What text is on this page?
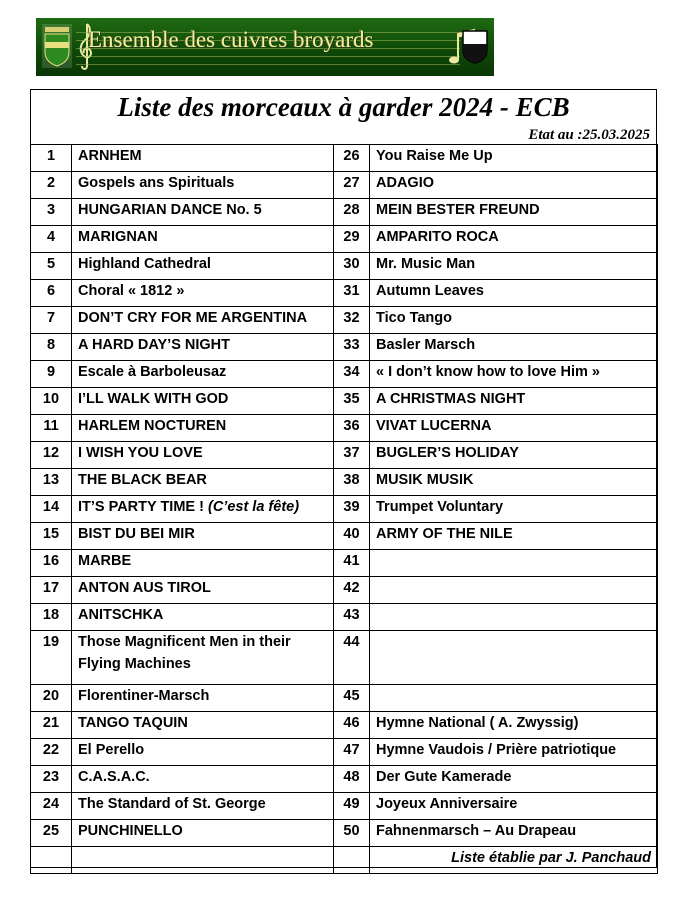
Ensemble des cuivres broyards
Liste des morceaux à garder 2024 - ECB
Etat au :25.03.2025
1	ARNHEM	26	You Raise Me Up
2	Gospels ans Spirituals	27	ADAGIO
3	HUNGARIAN DANCE No. 5	28	MEIN BESTER FREUND
4	MARIGNAN	29	AMPARITO ROCA
5	Highland Cathedral	30	Mr. Music Man
6	Choral « 1812 »	31	Autumn Leaves
7	DON’T CRY FOR ME ARGENTINA	32	Tico Tango
8	A HARD DAY’S NIGHT	33	Basler Marsch
9	Escale à Barboleusaz	34	« I don’t know how to love Him »
10	I’LL WALK WITH GOD	35	A CHRISTMAS NIGHT
11	HARLEM NOCTUREN	36	VIVAT LUCERNA
12	I WISH YOU LOVE	37	BUGLER’S HOLIDAY
13	THE BLACK BEAR	38	MUSIK MUSIK
14	IT’S PARTY TIME ! (C’est la fête)	39	Trumpet Voluntary
15	BIST DU BEI MIR	40	ARMY OF THE NILE
16	MARBE	41	
17	ANTON AUS TIROL	42	
18	ANITSCHKA	43	
19	Those Magnificent Men in their Flying Machines	44	
20	Florentiner-Marsch	45	
21	TANGO TAQUIN	46	Hymne National ( A. Zwyssig)
22	El Perello	47	Hymne Vaudois / Prière patriotique
23	C.A.S.A.C.	48	Der Gute Kamerade
24	The Standard of St. George	49	Joyeux Anniversaire
25	PUNCHINELLO	50	Fahnenmarsch – Au Drapeau
			Liste établie par J. Panchaud
